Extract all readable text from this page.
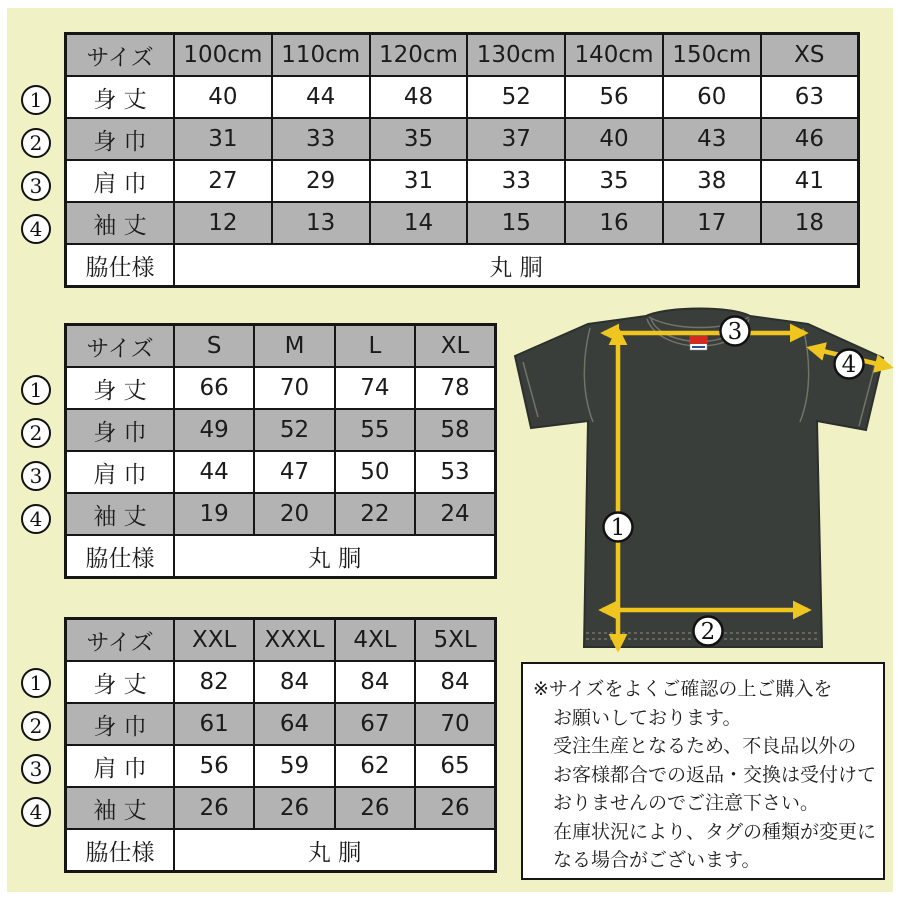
サイズ	100cm	110cm	120cm	130cm	140cm	150cm	XS
身 丈	40	44	48	52	56	60	63
身 巾	31	33	35	37	40	43	46
肩 巾	27	29	31	33	35	38	41
袖 丈	12	13	14	15	16	17	18
脇仕様	丸 胴						
サイズ	S	M	L	XL
身 丈	66	70	74	78
身 巾	49	52	55	58
肩 巾	44	47	50	53
袖 丈	19	20	22	24
脇仕様	丸 胴			
サイズ	XXL	XXXL	4XL	5XL
身 丈	82	84	84	84
身 巾	61	64	67	70
肩 巾	56	59	62	65
袖 丈	26	26	26	26
脇仕様	丸 胴			
1
2
3
4
1
2
3
4
1
2
3
4
1
2
3
4
※サイズをよくご確認の上ご購入を
お願いしております。
受注生産となるため、不良品以外の
お客様都合での返品・交換は受付けて
おりませんのでご注意下さい。
在庫状況により、タグの種類が変更に
なる場合がございます。
